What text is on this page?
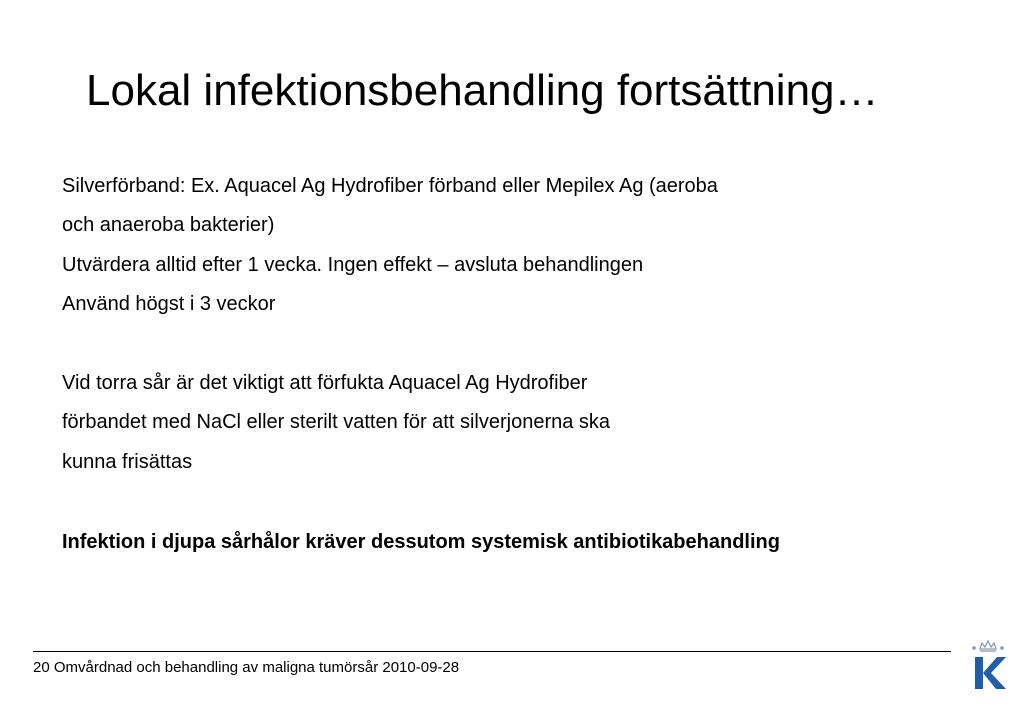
Lokal infektionsbehandling fortsättning…
Silverförband: Ex. Aquacel Ag Hydrofiber förband eller Mepilex Ag (aeroba
och anaeroba bakterier)
Utvärdera alltid efter 1 vecka. Ingen effekt – avsluta behandlingen
Använd högst i 3 veckor
Vid torra sår är det viktigt att förfukta Aquacel Ag Hydrofiber
förbandet med NaCl eller sterilt vatten för att silverjonerna ska
kunna frisättas
Infektion i djupa sårhålor kräver dessutom systemisk antibiotikabehandling
20 Omvårdnad och behandling av maligna tumörsår 2010-09-28
